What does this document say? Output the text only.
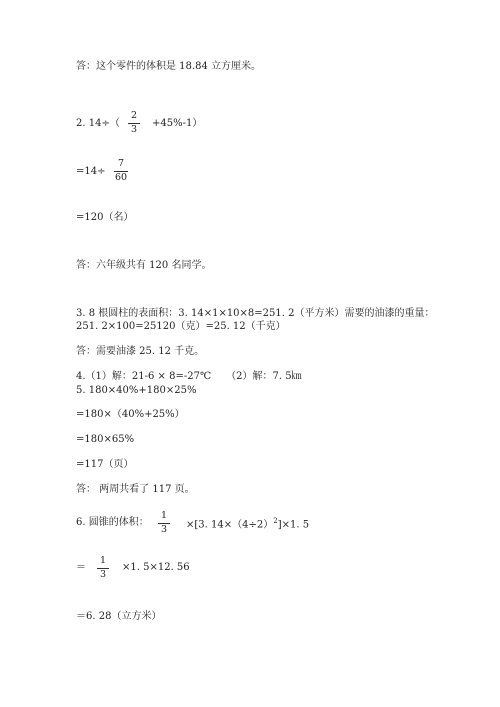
答：这个零件的体积是 18.84 立方厘米。
2. 14÷（
2
3
+45%-1）
=14÷
7
60
=120（名）
答：六年级共有 120 名同学。
3. 8 根圆柱的表面积：3. 14×1×10×8=251. 2（平方米）需要的油漆的重量：
251. 2×100=25120（克）=25. 12（千克）
答：需要油漆 25. 12 千克。
4.（1）解：21-6 × 8=-27℃　　（2）解：7. 5㎞
5. 180×40%+180×25%
=180×（40%+25%）
=180×65%
=117（页）
答： 两周共看了 117 页。
6. 圆锥的体积：
1
3 ×[3. $14\times(4\div 2)^2]\times 1$. 5
＝
1
3
×1. 5×12. 56
＝6. 28（立方米）
